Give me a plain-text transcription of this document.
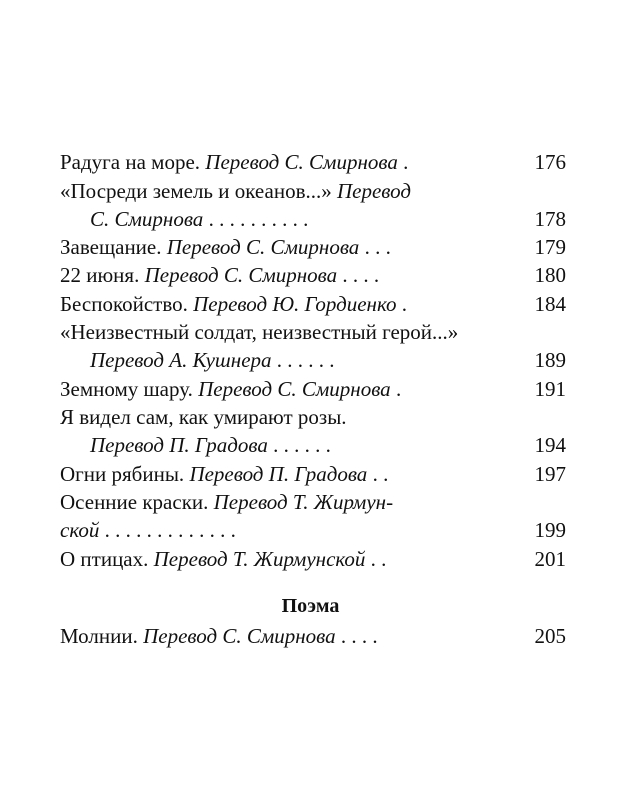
Радуга на море. Перевод С. Смирнова .	176
«Посреди земель и океанов...» Перевод
С. Смирнова . . . . . . . . . .	178
Завещание. Перевод С. Смирнова . . .	179
22 июня. Перевод С. Смирнова . . . .	180
Беспокойство. Перевод Ю. Гордиенко .	184
«Неизвестный солдат, неизвестный герой...»
Перевод А. Кушнера . . . . . .	189
Земному шару. Перевод С. Смирнова .	191
Я видел сам, как умирают розы.
Перевод П. Градова . . . . . .	194
Огни рябины. Перевод П. Градова . .	197
Осенние краски. Перевод Т. Жирмун-
ской . . . . . . . . . . . . .	199
О птицах. Перевод Т. Жирмунской . .	201
Поэма
Молнии. Перевод С. Смирнова . . . .	205
